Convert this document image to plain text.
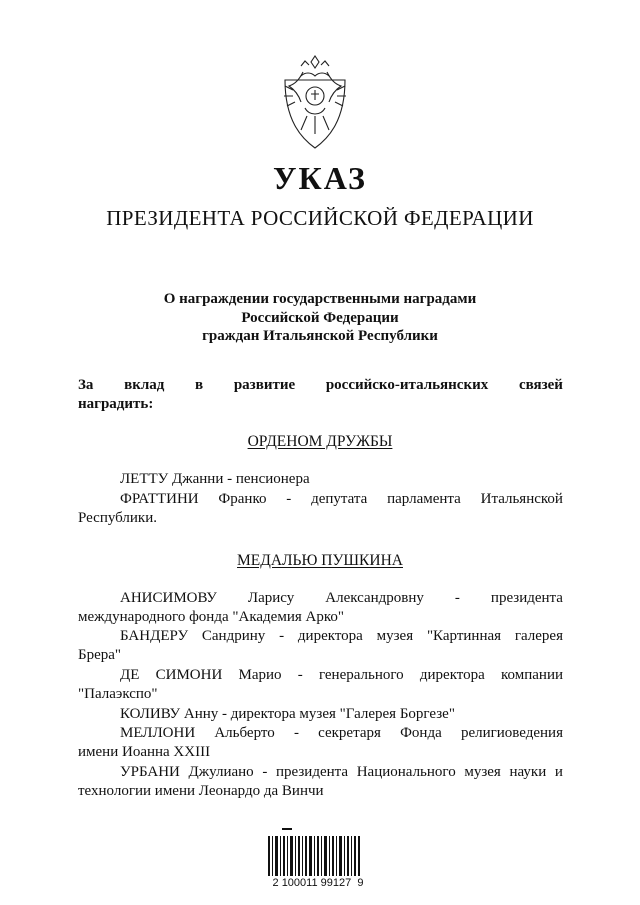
УКАЗ
ПРЕЗИДЕНТА РОССИЙСКОЙ ФЕДЕРАЦИИ
О награждении государственными наградами
Российской Федерации
граждан Итальянской Республики
За вклад в развитие российско-итальянских связей
наградить:
ОРДЕНОМ ДРУЖБЫ
ЛЕТТУ Джанни - пенсионера
ФРАТТИНИ Франко - депутата парламента Итальянской
Республики.
МЕДАЛЬЮ ПУШКИНА
АНИСИМОВУ Ларису Александровну - президента
международного фонда "Академия Арко"
БАНДЕРУ Сандрину - директора музея "Картинная галерея
Брера"
ДЕ СИМОНИ Марио - генерального директора компании
"Палаэкспо"
КОЛИВУ Анну - директора музея "Галерея Боргезе"
МЕЛЛОНИ Альберто - секретаря Фонда религиоведения
имени Иоанна XXIII
УРБАНИ Джулиано - президента Национального музея науки и
технологии имени Леонардо да Винчи
2 100011 99127  9
